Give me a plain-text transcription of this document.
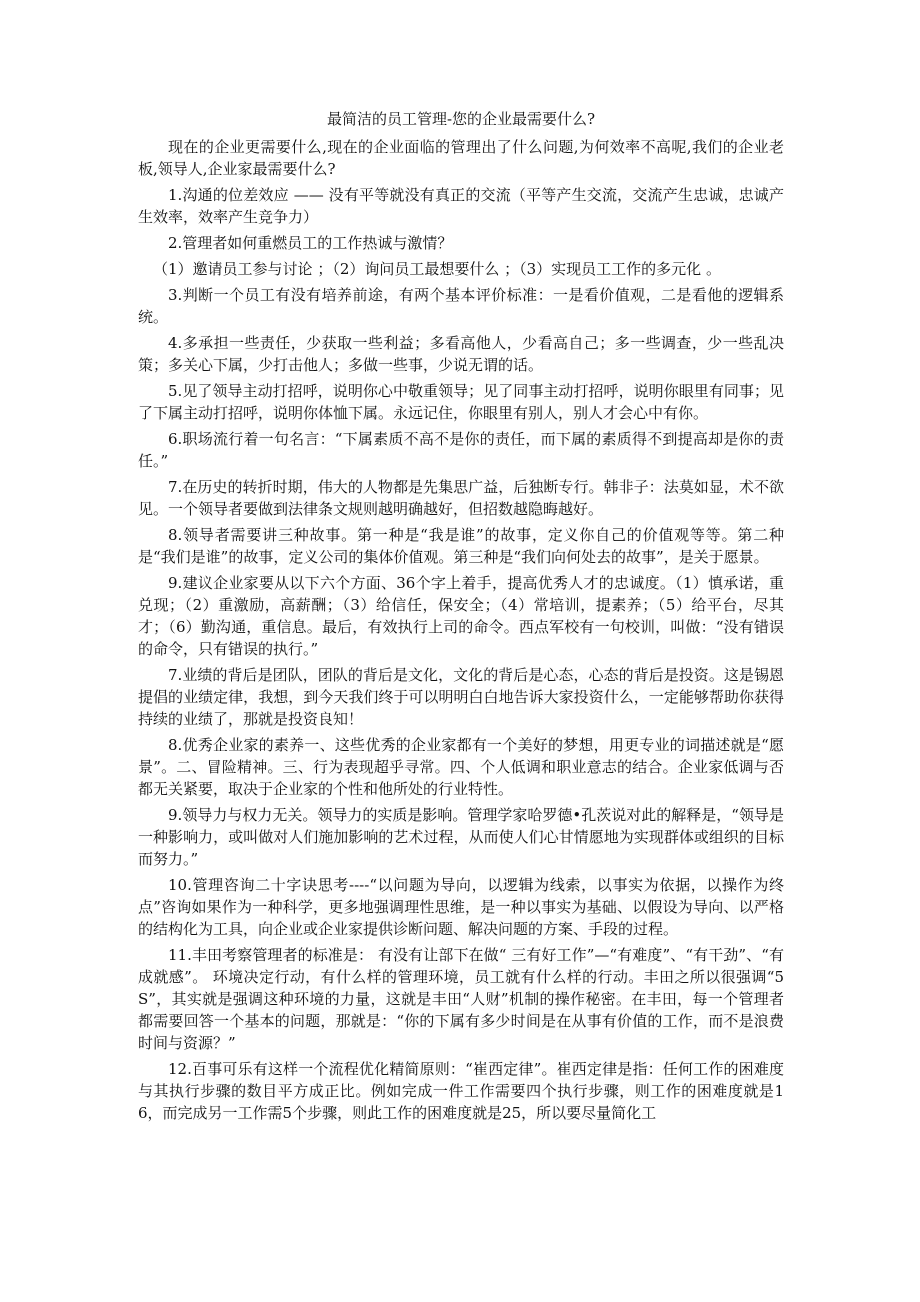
最简洁的员工管理-您的企业最需要什么?

现在的企业更需要什么,现在的企业面临的管理出了什么问题,为何效率不高呢,我们的企业老板,领导人,企业家最需要什么?

1.沟通的位差效应 —— 没有平等就没有真正的交流（平等产生交流，交流产生忠诚，忠诚产生效率，效率产生竞争力）

2.管理者如何重燃员工的工作热诚与激情？

（1）邀请员工参与讨论 ；（2）询问员工最想要什么 ；（3）实现员工工作的多元化 。

3.判断一个员工有没有培养前途，有两个基本评价标准：一是看价值观，二是看他的逻辑系统。

4.多承担一些责任，少获取一些利益；多看高他人，少看高自己；多一些调查，少一些乱决策；多关心下属，少打击他人；多做一些事，少说无谓的话。

5.见了领导主动打招呼，说明你心中敬重领导；见了同事主动打招呼，说明你眼里有同事；见了下属主动打招呼，说明你体恤下属。永远记住，你眼里有别人，别人才会心中有你。

6.职场流行着一句名言：“下属素质不高不是你的责任，而下属的素质得不到提高却是你的责任。”

7.在历史的转折时期，伟大的人物都是先集思广益，后独断专行。韩非子：法莫如显，术不欲见。一个领导者要做到法律条文规则越明确越好，但招数越隐晦越好。

8.领导者需要讲三种故事。第一种是“我是谁”的故事，定义你自己的价值观等等。第二种是“我们是谁”的故事，定义公司的集体价值观。第三种是“我们向何处去的故事”，是关于愿景。

9.建议企业家要从以下六个方面、36个字上着手，提高优秀人才的忠诚度。（1）慎承诺，重兑现；（2）重激励，高薪酬；（3）给信任，保安全；（4）常培训，提素养；（5）给平台，尽其才；（6）勤沟通，重信息。最后，有效执行上司的命令。西点军校有一句校训，叫做：“没有错误的命令，只有错误的执行。”

7.业绩的背后是团队，团队的背后是文化，文化的背后是心态，心态的背后是投资。这是锡恩提倡的业绩定律，我想，到今天我们终于可以明明白白地告诉大家投资什么，一定能够帮助你获得持续的业绩了，那就是投资良知！

8.优秀企业家的素养一、这些优秀的企业家都有一个美好的梦想，用更专业的词描述就是“愿景”。二、冒险精神。三、行为表现超乎寻常。四、个人低调和职业意志的结合。企业家低调与否都无关紧要，取决于企业家的个性和他所处的行业特性。

9.领导力与权力无关。领导力的实质是影响。管理学家哈罗德•孔茨说对此的解释是，“领导是一种影响力，或叫做对人们施加影响的艺术过程，从而使人们心甘情愿地为实现群体或组织的目标而努力。”

10.管理咨询二十字诀思考----“以问题为导向，以逻辑为线索，以事实为依据，以操作为终点”咨询如果作为一种科学，更多地强调理性思维，是一种以事实为基础、以假设为导向、以严格的结构化为工具，向企业或企业家提供诊断问题、解决问题的方案、手段的过程。

11.丰田考察管理者的标准是： 有没有让部下在做“ 三有好工作”—“有难度”、“有干劲”、“有成就感”。 环境决定行动，有什么样的管理环境，员工就有什么样的行动。丰田之所以很强调“5S”，其实就是强调这种环境的力量，这就是丰田“人财”机制的操作秘密。在丰田，每一个管理者都需要回答一个基本的问题，那就是：“你的下属有多少时间是在从事有价值的工作，而不是浪费时间与资源？”

12.百事可乐有这样一个流程优化精简原则：“崔西定律”。崔西定律是指：任何工作的困难度与其执行步骤的数目平方成正比。例如完成一件工作需要四个执行步骤，则工作的困难度就是16，而完成另一工作需5个步骤，则此工作的困难度就是25，所以要尽量简化工
